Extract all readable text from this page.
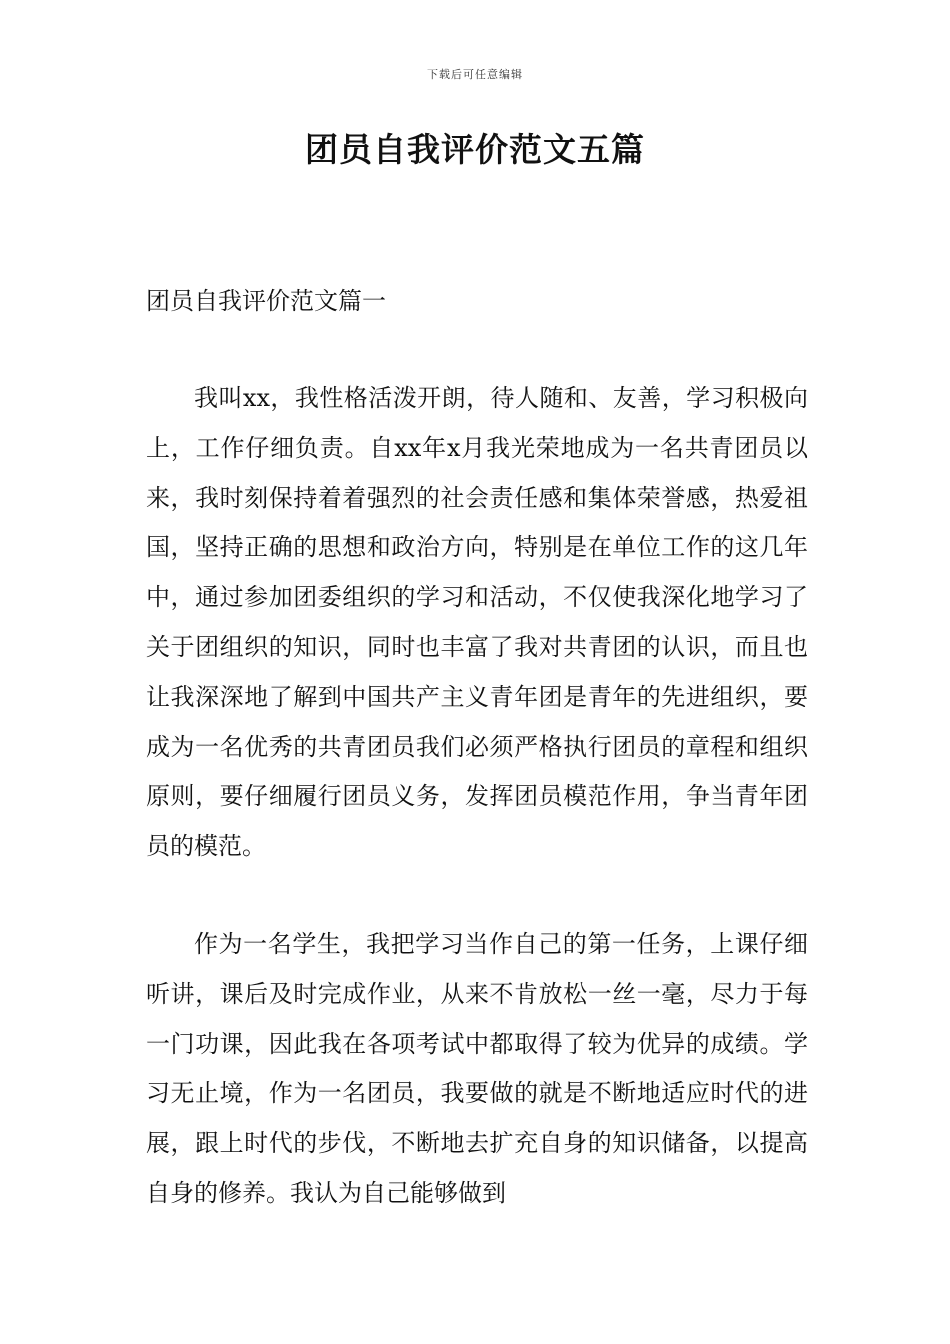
下载后可任意编辑
团员自我评价范文五篇
团员自我评价范文篇一

我叫xx，我性格活泼开朗，待人随和、友善，学习积极向上，工作仔细负责。自xx年x月我光荣地成为一名共青团员以来，我时刻保持着着强烈的社会责任感和集体荣誉感，热爱祖国，坚持正确的思想和政治方向，特别是在单位工作的这几年中，通过参加团委组织的学习和活动，不仅使我深化地学习了关于团组织的知识，同时也丰富了我对共青团的认识，而且也让我深深地了解到中国共产主义青年团是青年的先进组织，要成为一名优秀的共青团员我们必须严格执行团员的章程和组织原则，要仔细履行团员义务，发挥团员模范作用，争当青年团员的模范。

作为一名学生，我把学习当作自己的第一任务，上课仔细听讲，课后及时完成作业，从来不肯放松一丝一毫，尽力于每一门功课，因此我在各项考试中都取得了较为优异的成绩。学习无止境，作为一名团员，我要做的就是不断地适应时代的进展，跟上时代的步伐，不断地去扩充自身的知识储备，以提高自身的修养。我认为自己能够做到
